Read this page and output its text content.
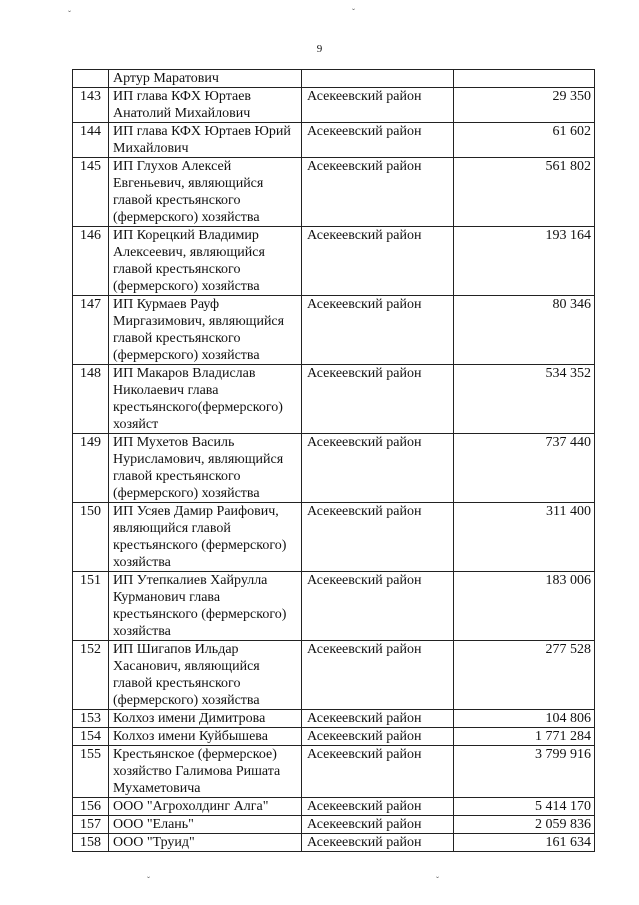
ˇ	ˇ
ˇ	ˇ
9
	Артур Маратович		
143	ИП глава КФХ Юртаев Анатолий Михайлович	Асекеевский район	29 350
144	ИП глава КФХ Юртаев Юрий Михайлович	Асекеевский район	61 602
145	ИП Глухов Алексей Евгеньевич, являющийся главой крестьянского (фермерского) хозяйства	Асекеевский район	561 802
146	ИП Корецкий Владимир Алексеевич, являющийся главой крестьянского (фермерского) хозяйства	Асекеевский район	193 164
147	ИП Курмаев Рауф Миргазимович, являющийся главой крестьянского (фермерского) хозяйства	Асекеевский район	80 346
148	ИП Макаров Владислав Николаевич глава крестьянского(фермерского) хозяйст	Асекеевский район	534 352
149	ИП Мухетов Василь Нурисламович, являющийся главой крестьянского (фермерского) хозяйства	Асекеевский район	737 440
150	ИП Усяев Дамир Раифович, являющийся главой крестьянского (фермерского) хозяйства	Асекеевский район	311 400
151	ИП Утепкалиев Хайрулла Курманович глава крестьянского (фермерского) хозяйства	Асекеевский район	183 006
152	ИП Шигапов Ильдар Хасанович, являющийся главой крестьянского (фермерского) хозяйства	Асекеевский район	277 528
153	Колхоз имени Димитрова	Асекеевский район	104 806
154	Колхоз имени Куйбышева	Асекеевский район	1 771 284
155	Крестьянское (фермерское) хозяйство Галимова Ришата Мухаметовича	Асекеевский район	3 799 916
156	ООО "Агрохолдинг Алга"	Асекеевский район	5 414 170
157	ООО "Елань"	Асекеевский район	2 059 836
158	ООО "Труид"	Асекеевский район	161 634
